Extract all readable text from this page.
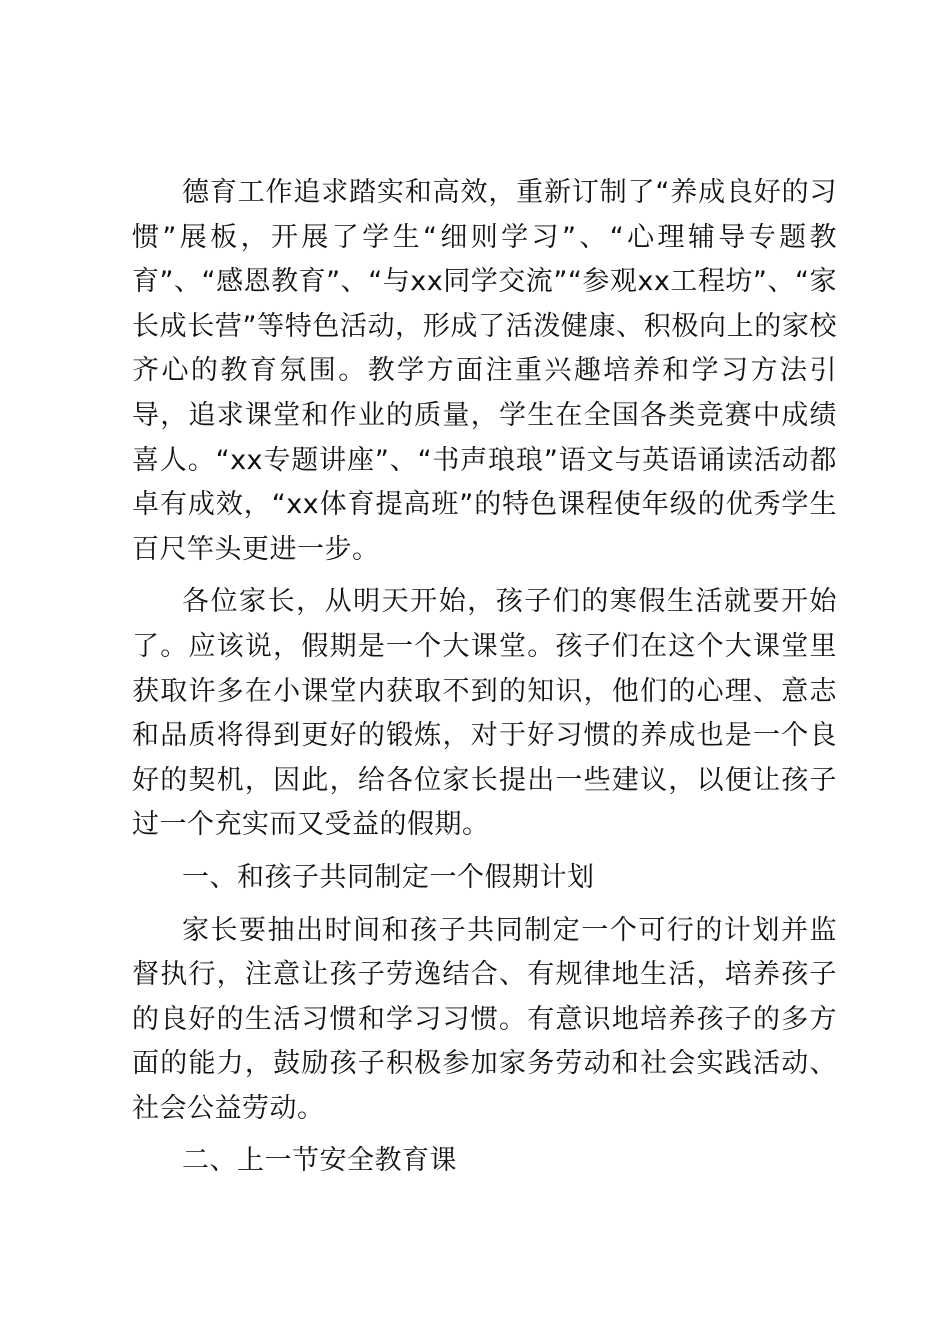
德育工作追求踏实和高效，重新订制了“养成良好的习惯”展板，开展了学生“细则学习”、“心理辅导专题教育”、“感恩教育”、“与xx同学交流”“参观xx工程坊”、“家长成长营”等特色活动，形成了活泼健康、积极向上的家校齐心的教育氛围。教学方面注重兴趣培养和学习方法引导，追求课堂和作业的质量，学生在全国各类竞赛中成绩喜人。“xx专题讲座”、“书声琅琅”语文与英语诵读活动都卓有成效，“xx体育提高班”的特色课程使年级的优秀学生百尺竿头更进一步。

各位家长，从明天开始，孩子们的寒假生活就要开始了。应该说，假期是一个大课堂。孩子们在这个大课堂里获取许多在小课堂内获取不到的知识，他们的心理、意志和品质将得到更好的锻炼，对于好习惯的养成也是一个良好的契机，因此，给各位家长提出一些建议，以便让孩子过一个充实而又受益的假期。

一、和孩子共同制定一个假期计划

家长要抽出时间和孩子共同制定一个可行的计划并监督执行，注意让孩子劳逸结合、有规律地生活，培养孩子的良好的生活习惯和学习习惯。有意识地培养孩子的多方面的能力，鼓励孩子积极参加家务劳动和社会实践活动、社会公益劳动。

二、上一节安全教育课
